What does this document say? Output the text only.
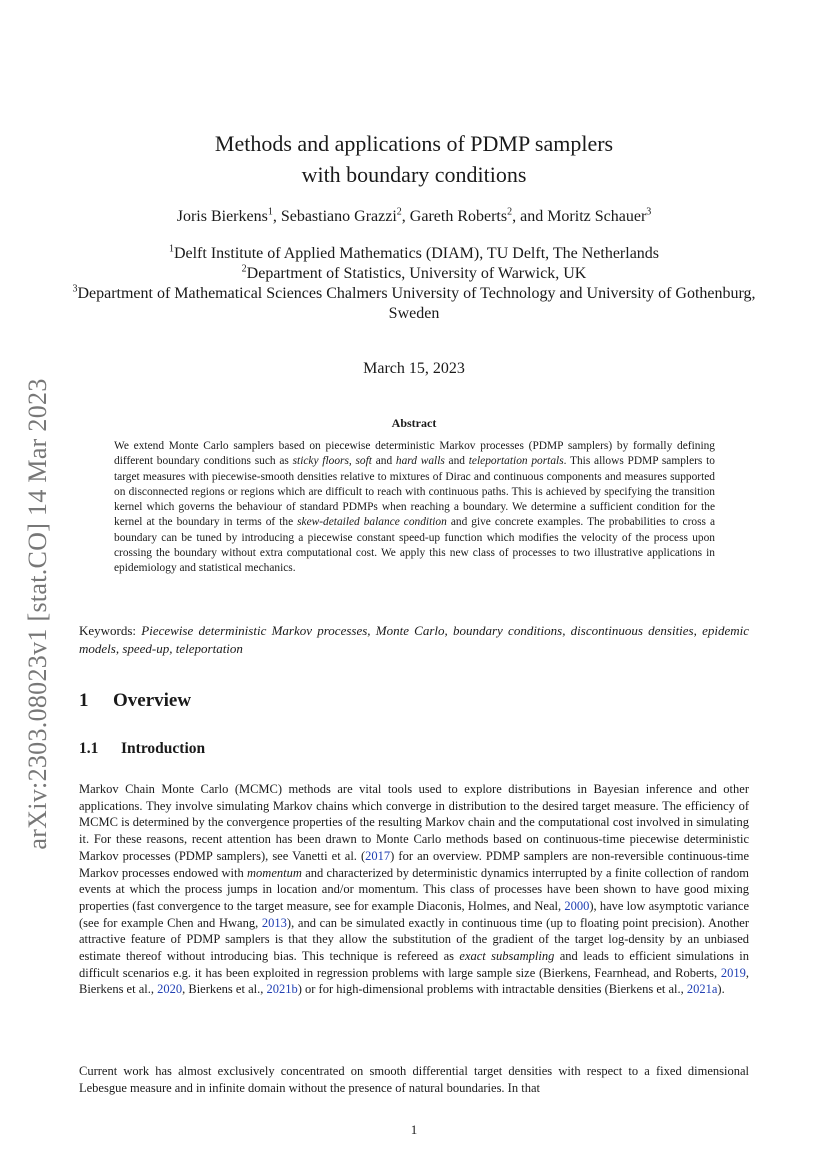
arXiv:2303.08023v1 [stat.CO] 14 Mar 2023
Methods and applications of PDMP samplers
with boundary conditions
Joris Bierkens$^1$, Sebastiano Grazzi$^2$, Gareth Roberts$^2$, and Moritz Schauer$^3$
$^1$Delft Institute of Applied Mathematics (DIAM), TU Delft, The Netherlands
$^2$Department of Statistics, University of Warwick, UK
$^3$Department of Mathematical Sciences Chalmers University of Technology and University of Gothenburg, Sweden
March 15, 2023
Abstract
We extend Monte Carlo samplers based on piecewise deterministic Markov processes (PDMP samplers) by formally defining different boundary conditions such as sticky floors, soft and hard walls and teleportation portals. This allows PDMP samplers to target measures with piecewise-smooth densities relative to mixtures of Dirac and continuous components and measures supported on disconnected regions or regions which are difficult to reach with continuous paths. This is achieved by specifying the transition kernel which governs the behaviour of standard PDMPs when reaching a boundary. We determine a sufficient condition for the kernel at the boundary in terms of the skew-detailed balance condition and give concrete examples. The probabilities to cross a boundary can be tuned by introducing a piecewise constant speed-up function which modifies the velocity of the process upon crossing the boundary without extra computational cost. We apply this new class of processes to two illustrative applications in epidemiology and statistical mechanics.
Keywords: Piecewise deterministic Markov processes, Monte Carlo, boundary conditions, discontinuous densities, epidemic models, speed-up, teleportation
1 Overview
1.1 Introduction
Markov Chain Monte Carlo (MCMC) methods are vital tools used to explore distributions in Bayesian inference and other applications. They involve simulating Markov chains which converge in distribution to the desired target measure. The efficiency of MCMC is determined by the convergence properties of the resulting Markov chain and the computational cost involved in simulating it. For these reasons, recent attention has been drawn to Monte Carlo methods based on continuous-time piecewise deterministic Markov processes (PDMP samplers), see Vanetti et al. (2017) for an overview. PDMP samplers are non-reversible continuous-time Markov processes endowed with momentum and characterized by deterministic dynamics interrupted by a finite collection of random events at which the process jumps in location and/or momentum. This class of processes have been shown to have good mixing properties (fast convergence to the target measure, see for example Diaconis, Holmes, and Neal, 2000), have low asymptotic variance (see for example Chen and Hwang, 2013), and can be simulated exactly in continuous time (up to floating point precision). Another attractive feature of PDMP samplers is that they allow the substitution of the gradient of the target log-density by an unbiased estimate thereof without introducing bias. This technique is refereed as exact subsampling and leads to efficient simulations in difficult scenarios e.g. it has been exploited in regression problems with large sample size (Bierkens, Fearnhead, and Roberts, 2019, Bierkens et al., 2020, Bierkens et al., 2021b) or for high-dimensional problems with intractable densities (Bierkens et al., 2021a).
Current work has almost exclusively concentrated on smooth differential target densities with respect to a fixed dimensional Lebesgue measure and in infinite domain without the presence of natural boundaries. In that
1
